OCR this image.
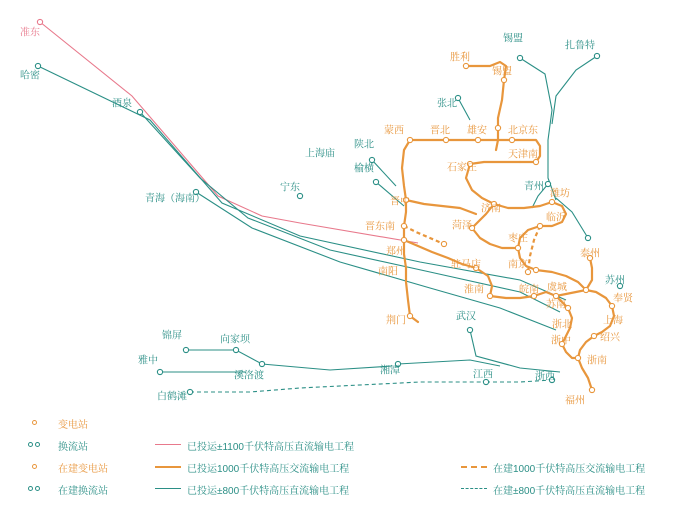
准东
哈密
酒泉
青海（海南）
宁东
上海庙
榆横
陕北
蒙西	晋北 雄安
张北
胜利
锡盟
锡盟
扎鲁特
北京东
天津南
石家庄
青州
潍坊
临沂
济南
菏泽
枣庄
晋中
晋东南
郑州
驻马店
南阳
南京
淮南
荆门	武汉
皖南 虞城
苏南
泰州
苏州
奉贤
上海
绍兴
浙北
浙中
浙南
浙西
福州
江西
湘潭
溪洛渡
白鹤滩
向家坝
锦屏
雅中
变电站
换流站
在建变电站
在建换流站
已投运±1100千伏特高压直流输电工程
已投运1000千伏特高压交流输电工程
已投运±800千伏特高压直流输电工程
在建1000千伏特高压交流输电工程
在建±800千伏特高压直流输电工程
